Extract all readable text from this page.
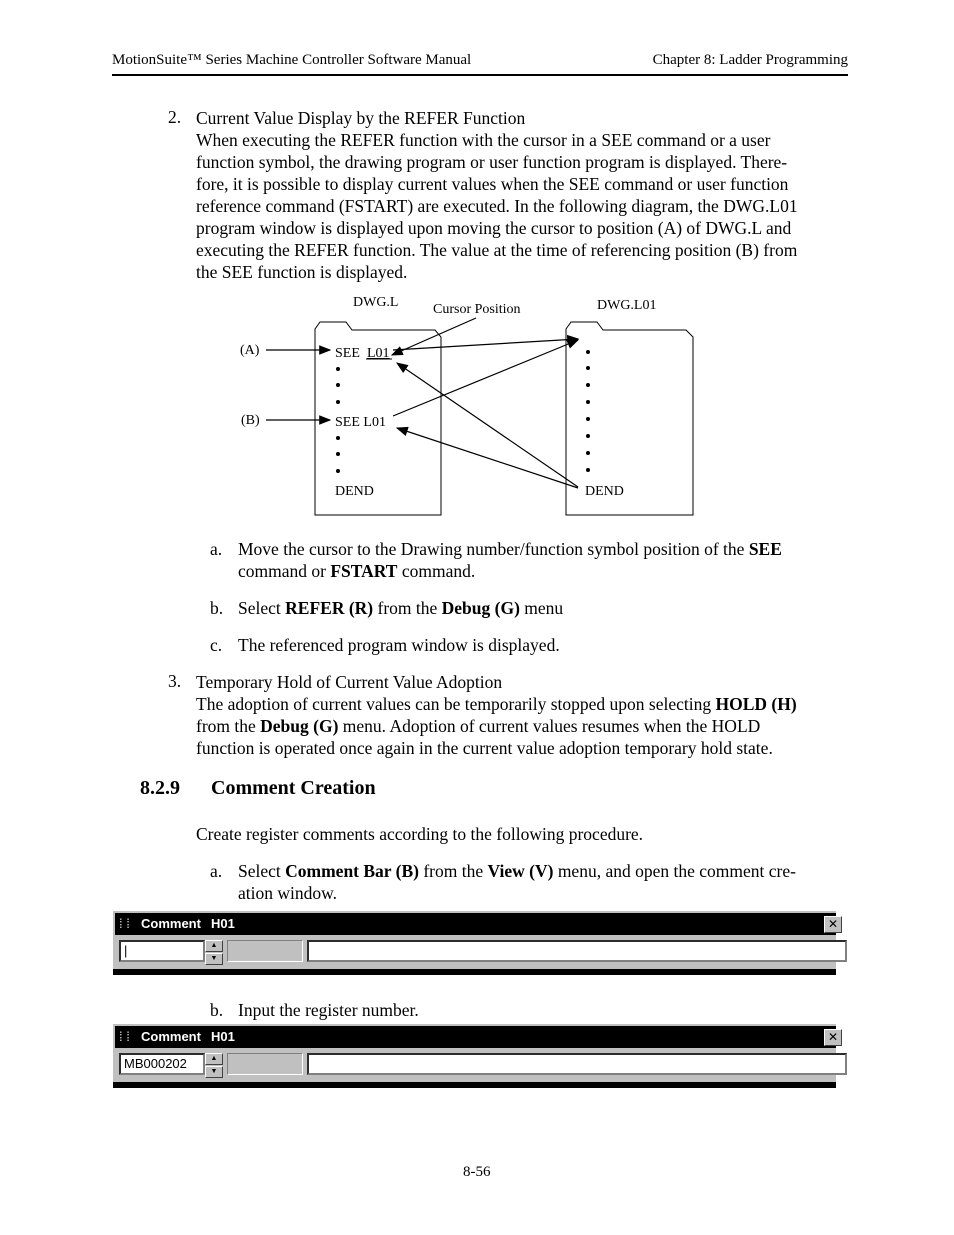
MotionSuite™ Series Machine Controller Software Manual	Chapter 8: Ladder Programming
2. Current Value Display by the REFER Function
When executing the REFER function with the cursor in a SEE command or a user
function symbol, the drawing program or user function program is displayed. There-
fore, it is possible to display current values when the SEE command or user function
reference command (FSTART) are executed. In the following diagram, the DWG.L01
program window is displayed upon moving the cursor to position (A) of DWG.L and
executing the REFER function. The value at the time of referencing position (B) from
the SEE function is displayed.
DWG.L	DWG.L01
Cursor Position
(A)
(B)
SEE L01
SEE L01
DEND	DEND
a. Move the cursor to the Drawing number/function symbol position of the SEE
command or FSTART command.
b. Select REFER (R) from the Debug (G) menu
c. The referenced program window is displayed.
3. Temporary Hold of Current Value Adoption
The adoption of current values can be temporarily stopped upon selecting HOLD (H)
from the Debug (G) menu. Adoption of current values resumes when the HOLD
function is operated once again in the current value adoption temporary hold state.
8.2.9 Comment Creation
Create register comments according to the following procedure.
a. Select Comment Bar (B) from the View (V) menu, and open the comment cre-
ation window.
⁞ ⁞ Comment H01	✕
|	▲
▼
b. Input the register number.
⁞ ⁞ Comment H01	✕
MB000202	▲
▼
8-56
